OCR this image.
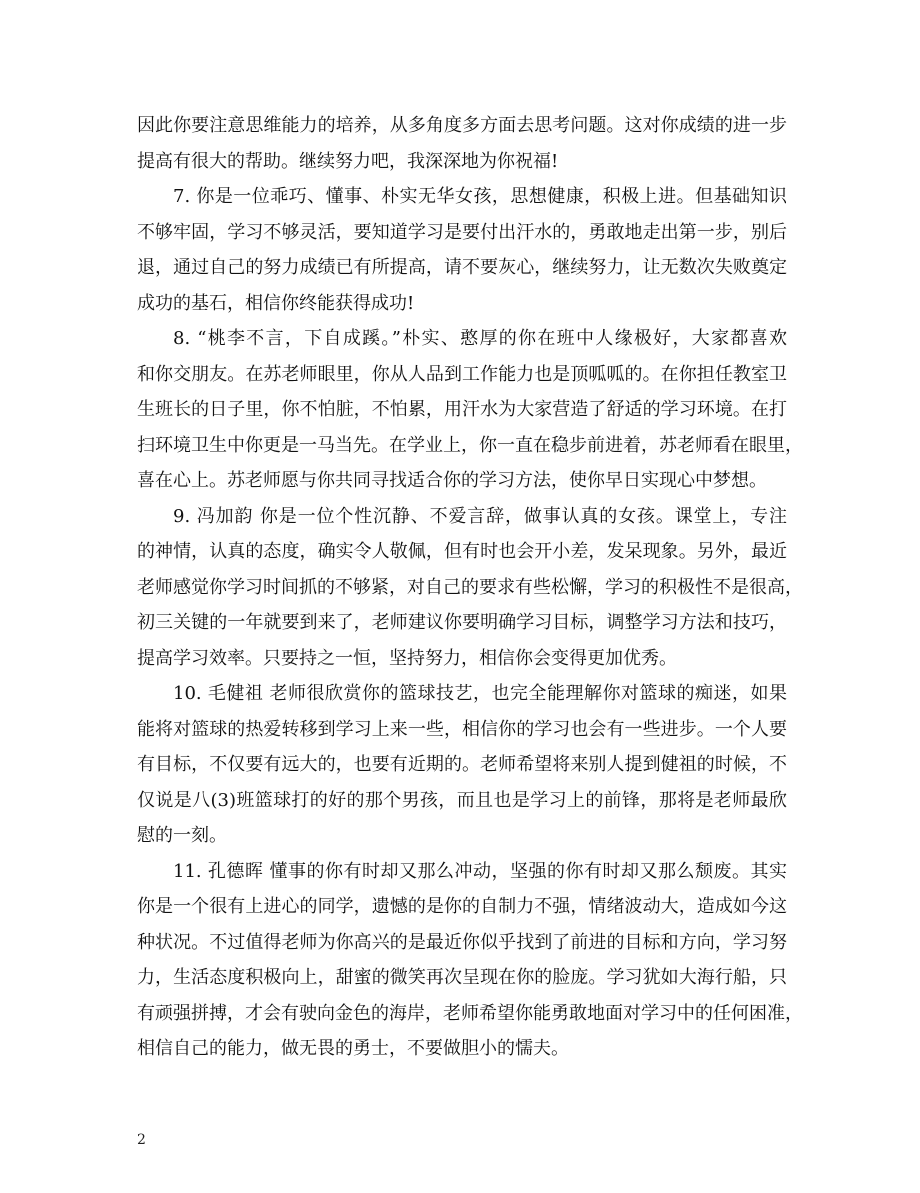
因此你要注意思维能力的培养，从多角度多方面去思考问题。这对你成绩的进一步
提高有很大的帮助。继续努力吧，我深深地为你祝福!
7. 你是一位乖巧、懂事、朴实无华女孩，思想健康，积极上进。但基础知识
不够牢固，学习不够灵活，要知道学习是要付出汗水的，勇敢地走出第一步，别后
退，通过自己的努力成绩已有所提高，请不要灰心，继续努力，让无数次失败奠定
成功的基石，相信你终能获得成功!
8. “桃李不言，下自成蹊。”朴实、憨厚的你在班中人缘极好，大家都喜欢
和你交朋友。在苏老师眼里，你从人品到工作能力也是顶呱呱的。在你担任教室卫
生班长的日子里，你不怕脏，不怕累，用汗水为大家营造了舒适的学习环境。在打
扫环境卫生中你更是一马当先。在学业上，你一直在稳步前进着，苏老师看在眼里，
喜在心上。苏老师愿与你共同寻找适合你的学习方法，使你早日实现心中梦想。
9. 冯加韵 你是一位个性沉静、不爱言辞，做事认真的女孩。课堂上，专注
的神情，认真的态度，确实令人敬佩，但有时也会开小差，发呆现象。另外，最近
老师感觉你学习时间抓的不够紧，对自己的要求有些松懈，学习的积极性不是很高，
初三关键的一年就要到来了，老师建议你要明确学习目标，调整学习方法和技巧，
提高学习效率。只要持之一恒，坚持努力，相信你会变得更加优秀。
10. 毛健祖 老师很欣赏你的篮球技艺，也完全能理解你对篮球的痴迷，如果
能将对篮球的热爱转移到学习上来一些，相信你的学习也会有一些进步。一个人要
有目标，不仅要有远大的，也要有近期的。老师希望将来别人提到健祖的时候，不
仅说是八(3)班篮球打的好的那个男孩，而且也是学习上的前锋，那将是老师最欣
慰的一刻。
11. 孔德晖 懂事的你有时却又那么冲动，坚强的你有时却又那么颓废。其实
你是一个很有上进心的同学，遗憾的是你的自制力不强，情绪波动大，造成如今这
种状况。不过值得老师为你高兴的是最近你似乎找到了前进的目标和方向，学习努
力，生活态度积极向上，甜蜜的微笑再次呈现在你的脸庞。学习犹如大海行船，只
有顽强拼搏，才会有驶向金色的海岸，老师希望你能勇敢地面对学习中的任何困准，
相信自己的能力，做无畏的勇士，不要做胆小的懦夫。
2
